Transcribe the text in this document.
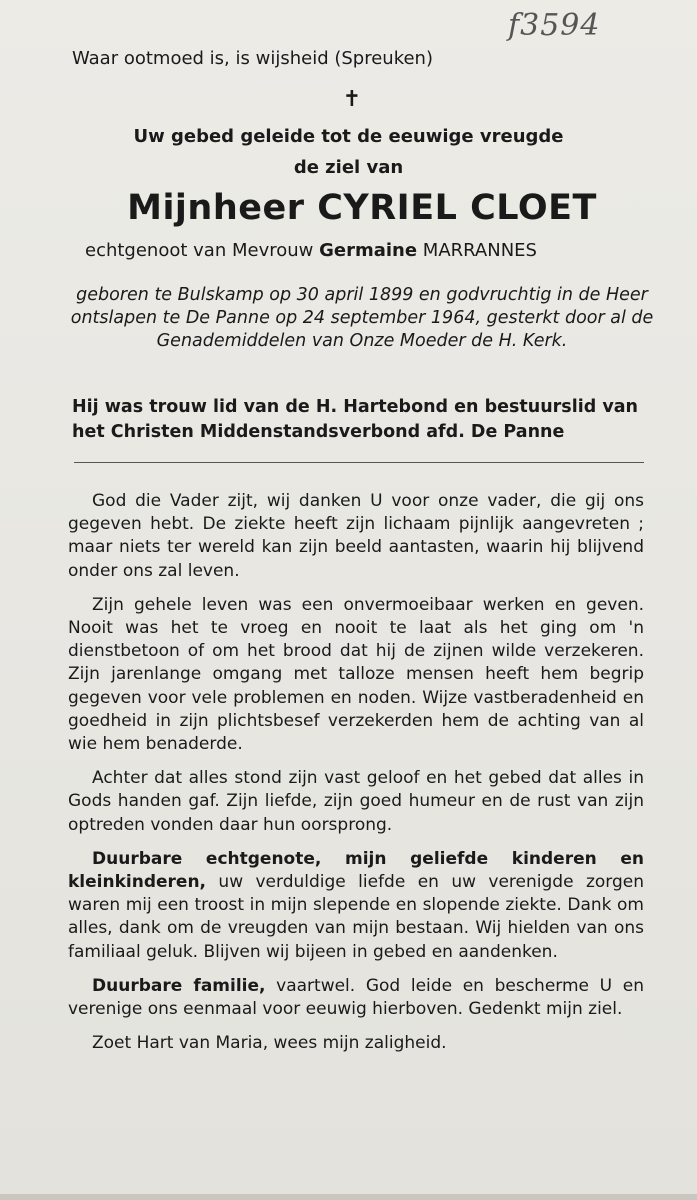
f3594
Waar ootmoed is, is wijsheid (Spreuken)
✝
Uw gebed geleide tot de eeuwige vreugde
de ziel van
Mijnheer CYRIEL CLOET
echtgenoot van Mevrouw Germaine MARRANNES
geboren te Bulskamp op 30 april 1899 en godvruchtig in de Heer ontslapen te De Panne op 24 september 1964, gesterkt door al de Genademiddelen van Onze Moeder de H. Kerk.
Hij was trouw lid van de H. Hartebond en bestuurslid van het Christen Middenstandsverbond afd. De Panne

God die Vader zijt, wij danken U voor onze vader, die gij ons gegeven hebt. De ziekte heeft zijn lichaam pijnlijk aangevreten ; maar niets ter wereld kan zijn beeld aantasten, waarin hij blijvend onder ons zal leven.

Zijn gehele leven was een onvermoeibaar werken en geven. Nooit was het te vroeg en nooit te laat als het ging om 'n dienstbetoon of om het brood dat hij de zijnen wilde verzekeren. Zijn jarenlange omgang met talloze mensen heeft hem begrip gegeven voor vele problemen en noden. Wijze vastberadenheid en goedheid in zijn plichtsbesef verzekerden hem de achting van al wie hem benaderde.

Achter dat alles stond zijn vast geloof en het gebed dat alles in Gods handen gaf. Zijn liefde, zijn goed humeur en de rust van zijn optreden vonden daar hun oorsprong.

Duurbare echtgenote, mijn geliefde kinderen en kleinkinderen, uw verduldige liefde en uw verenigde zorgen waren mij een troost in mijn slepende en slopende ziekte. Dank om alles, dank om de vreugden van mijn bestaan. Wij hielden van ons familiaal geluk. Blijven wij bijeen in gebed en aandenken.

Duurbare familie, vaartwel. God leide en bescherme U en verenige ons eenmaal voor eeuwig hierboven. Gedenkt mijn ziel.

Zoet Hart van Maria, wees mijn zaligheid.
